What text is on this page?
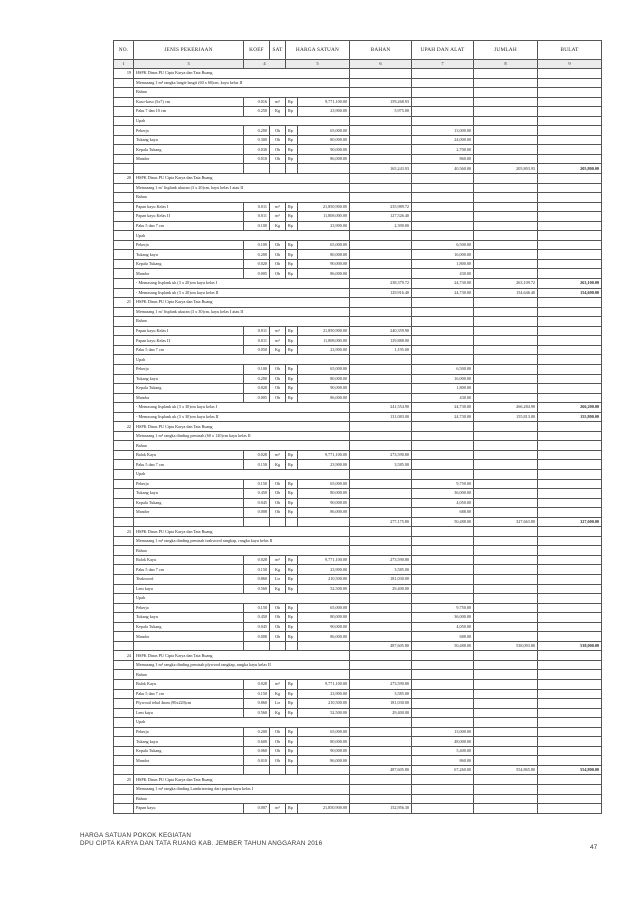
NO.	JENIS PEKERJAAN	KOEF	SAT	HARGA SATUAN		BAHAN	UPAH DAN ALAT	JUMLAH	BULAT
1	3	4		5		6	7	8	9
19	HSPK Dinas PU Cipta Karya dan Tata Ruang								
	Memasang 1 m² rangka langit-langit (60 x 60)cm, kayu kelas II								
	Bahan								
	Kaso-kaso (5x7) cm	0.016	m³	Rp	9,771,100.00	159,268.93			
	Paku 7 dan 10 cm	0.250	Kg	Rp	23,900.00	5,975.00			
	Upah								
	Pekerja	0.200	Oh	Rp	65,000.00		13,000.00		
	Tukang kayu	0.300	Oh	Rp	80,000.00		24,000.00		
	Kepala Tukang	0.030	Oh	Rp	90,000.00		2,700.00		
	Mandor	0.010	Oh	Rp	86,000.00		860.00		
						165,243.93	40,560.00	205,803.93	205,800.00
20	HSPK Dinas PU Cipta Karya dan Tata Ruang								
	Memasang 1 m' lisplank ukuran (3 x 20)cm, kayu kelas I atau II								
	Bahan								
	Papan kayu Kelas I	0.011	m³	Rp	21,850,900.00	235,989.72			
	Papan kayu Kelas II	0.011	m³	Rp	11,808,000.00	127,526.40			
	Paku 5 dan 7 cm	0.100	Kg	Rp	23,900.00	2,390.00			
	Upah								
	Pekerja	0.100	Oh	Rp	65,000.00		6,500.00		
	Tukang kayu	0.200	Oh	Rp	80,000.00		16,000.00		
	Kepala Tukang	0.020	Oh	Rp	90,000.00		1,800.00		
	Mandor	0.005	Oh	Rp	86,000.00		430.00		
	- Memasang lisplank uk (3 x 20)cm kayu kelas I					238,379.72	24,730.00	263,109.72	263,100.00
	- Memasang lisplank uk (3 x 20)cm kayu kelas II					129,916.40	24,730.00	154,646.40	154,600.00
21	HSPK Dinas PU Cipta Karya dan Tata Ruang								
	Memasang 1 m' lisplank ukuran (3 x 30)cm, kayu kelas I atau II								
	Bahan								
	Papan kayu Kelas I	0.011	m³	Rp	21,850,900.00	240,359.90			
	Papan kayu Kelas II	0.011	m³	Rp	11,808,000.00	129,888.00			
	Paku 5 dan 7 cm	0.050	Kg	Rp	23,900.00	1,195.00			
	Upah								
	Pekerja	0.100	Oh	Rp	65,000.00		6,500.00		
	Tukang kayu	0.200	Oh	Rp	80,000.00		16,000.00		
	Kepala Tukang	0.020	Oh	Rp	90,000.00		1,800.00		
	Mandor	0.005	Oh	Rp	86,000.00		430.00		
	- Memasang lisplank uk (3 x 30)cm kayu kelas I					241,554.90	24,730.00	266,284.90	266,200.00
	- Memasang lisplank uk (3 x 30)cm kayu kelas II					131,083.00	24,730.00	155,813.00	155,800.00
22	HSPK Dinas PU Cipta Karya dan Tata Ruang								
	Memasang 1 m² rangka dinding pemisah (60 x 120)cm kayu kelas II								
	Bahan								
	Balok Kayu	0.028	m³	Rp	9,771,100.00	273,590.80			
	Paku 5 dan 7 cm	0.150	Kg	Rp	23,900.00	3,585.00			
	Upah								
	Pekerja	0.150	Oh	Rp	65,000.00		9,750.00		
	Tukang kayu	0.450	Oh	Rp	80,000.00		36,000.00		
	Kepala Tukang	0.045	Oh	Rp	90,000.00		4,050.00		
	Mandor	0.008	Oh	Rp	86,000.00		688.00		
						277,175.80	50,488.00	327,663.80	327,600.00
23	HSPK Dinas PU Cipta Karya dan Tata Ruang								
	Memasang 1 m² rangka dinding pemisah teakwood rangkap, rangka kayu kelas II								
	Bahan								
	Balok Kayu	0.028	m³	Rp	9,771,100.00	273,590.80			
	Paku 5 dan 7 cm	0.150	Kg	Rp	23,900.00	3,585.00			
	Teakwood	0.860	Ltr	Rp	210,500.00	181,030.00			
	Lem kayu	0.560	Kg	Rp	52,500.00	29,400.00			
	Upah								
	Pekerja	0.150	Oh	Rp	65,000.00		9,750.00		
	Tukang kayu	0.450	Oh	Rp	80,000.00		36,000.00		
	Kepala Tukang	0.045	Oh	Rp	90,000.00		4,050.00		
	Mandor	0.008	Oh	Rp	86,000.00		688.00		
						487,605.80	50,488.00	538,093.80	538,000.00
24	HSPK Dinas PU Cipta Karya dan Tata Ruang								
	Memasang 1 m² rangka dinding pemisah plywood rangkap, rangka kayu kelas II								
	Bahan								
	Balok Kayu	0.028	m³	Rp	9,771,100.00	273,590.80			
	Paku 5 dan 7 cm	0.150	Kg	Rp	23,900.00	3,585.00			
	Plywood tebal 4mm (90x220)cm	0.860	Ltr	Rp	210,500.00	181,030.00			
	Lem kayu	0.560	Kg	Rp	52,500.00	29,400.00			
	Upah								
	Pekerja	0.200	Oh	Rp	65,000.00		13,000.00		
	Tukang kayu	0.600	Oh	Rp	80,000.00		48,000.00		
	Kepala Tukang	0.060	Oh	Rp	90,000.00		5,400.00		
	Mandor	0.010	Oh	Rp	86,000.00		860.00		
						487,605.80	67,260.00	554,865.80	554,800.00
25	HSPK Dinas PU Cipta Karya dan Tata Ruang								
	Memasang 1 m² rangka dinding Lambrizering dari papan kayu kelas I								
	Bahan								
	Papan kayu	0.007	m³	Rp	21,850,900.00	152,956.30			
HARGA SATUAN POKOK KEGIATAN
DPU CIPTA KARYA DAN TATA RUANG KAB. JEMBER TAHUN ANGGARAN 2016
47
